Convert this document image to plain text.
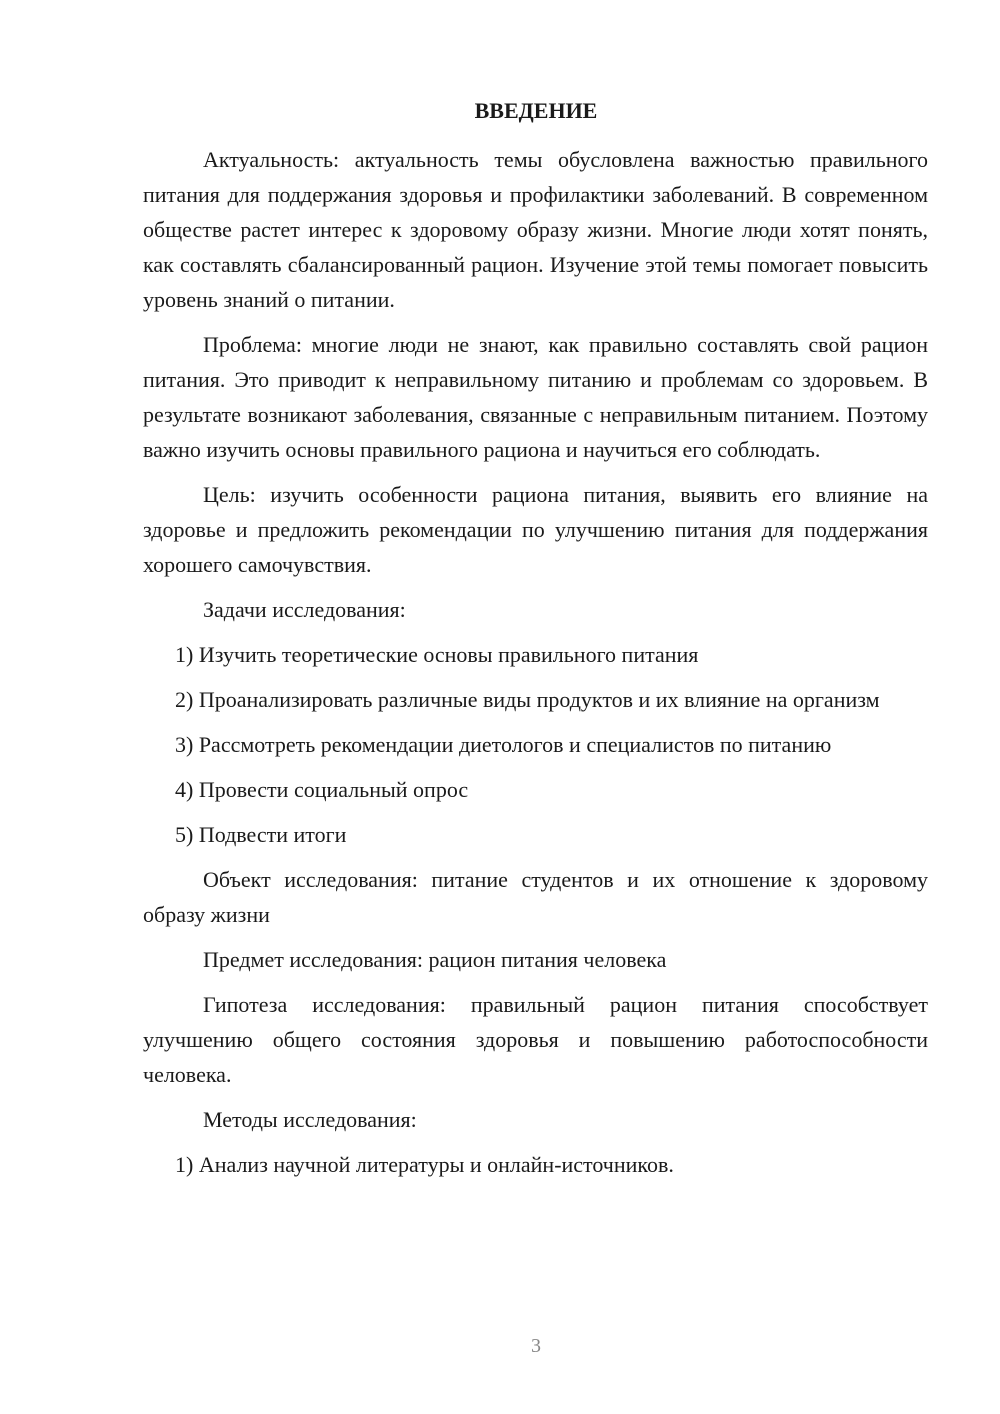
ВВЕДЕНИЕ

Актуальность: актуальность темы обусловлена важностью правильного питания для поддержания здоровья и профилактики заболеваний. В современном обществе растет интерес к здоровому образу жизни. Многие люди хотят понять, как составлять сбалансированный рацион. Изучение этой темы помогает повысить уровень знаний о питании.

Проблема: многие люди не знают, как правильно составлять свой рацион питания. Это приводит к неправильному питанию и проблемам со здоровьем. В результате возникают заболевания, связанные с неправильным питанием. Поэтому важно изучить основы правильного рациона и научиться его соблюдать.

Цель: изучить особенности рациона питания, выявить его влияние на здоровье и предложить рекомендации по улучшению питания для поддержания хорошего самочувствия.

Задачи исследования:

1) Изучить теоретические основы правильного питания

2) Проанализировать различные виды продуктов и их влияние на организм

3) Рассмотреть рекомендации диетологов и специалистов по питанию

4) Провести социальный опрос

5) Подвести итоги

Объект исследования: питание студентов и их отношение к здоровому образу жизни

Предмет исследования: рацион питания человека

Гипотеза исследования: правильный рацион питания способствует улучшению общего состояния здоровья и повышению работоспособности человека.

Методы исследования:

1) Анализ научной литературы и онлайн-источников.

3
